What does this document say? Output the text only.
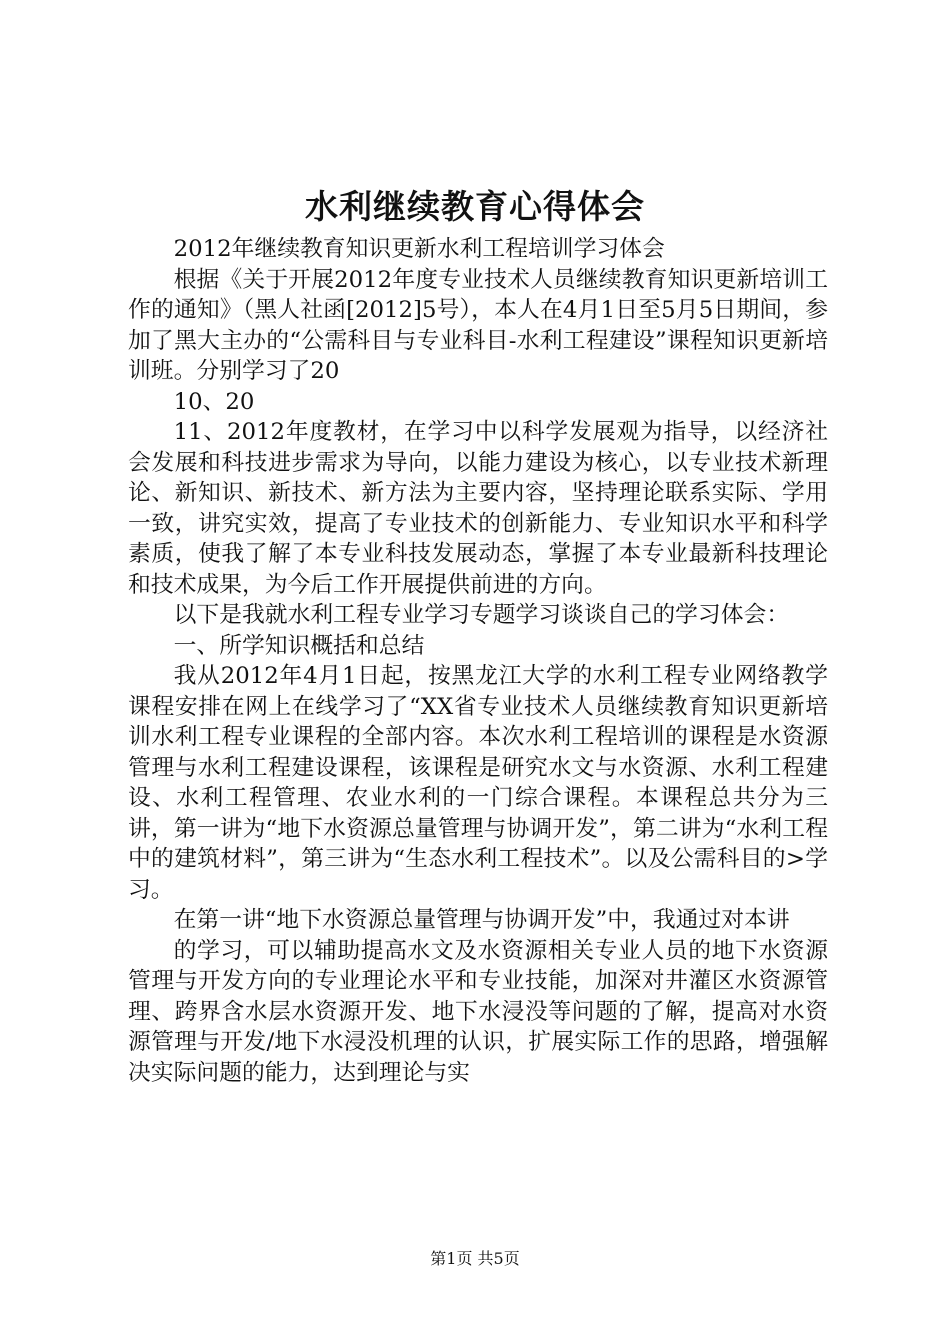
水利继续教育心得体会

2012年继续教育知识更新水利工程培训学习体会

根据《关于开展2012年度专业技术人员继续教育知识更新培训工作的通知》（黑人社函[2012]5号），本人在4月1日至5月5日期间，参加了黑大主办的“公需科目与专业科目-水利工程建设”课程知识更新培训班。分别学习了20

10、20

11、2012年度教材，在学习中以科学发展观为指导，以经济社会发展和科技进步需求为导向，以能力建设为核心，以专业技术新理论、新知识、新技术、新方法为主要内容，坚持理论联系实际、学用一致，讲究实效，提高了专业技术的创新能力、专业知识水平和科学素质，使我了解了本专业科技发展动态，掌握了本专业最新科技理论和技术成果，为今后工作开展提供前进的方向。

以下是我就水利工程专业学习专题学习谈谈自己的学习体会：

一、所学知识概括和总结

我从2012年4月1日起，按黑龙江大学的水利工程专业网络教学课程安排在网上在线学习了“XX省专业技术人员继续教育知识更新培训水利工程专业课程的全部内容。本次水利工程培训的课程是水资源管理与水利工程建设课程，该课程是研究水文与水资源、水利工程建设、水利工程管理、农业水利的一门综合课程。本课程总共分为三讲，第一讲为“地下水资源总量管理与协调开发”，第二讲为“水利工程中的建筑材料”，第三讲为“生态水利工程技术”。以及公需科目的>学习。

在第一讲“地下水资源总量管理与协调开发”中，我通过对本讲

的学习，可以辅助提高水文及水资源相关专业人员的地下水资源管理与开发方向的专业理论水平和专业技能，加深对井灌区水资源管理、跨界含水层水资源开发、地下水浸没等问题的了解，提高对水资源管理与开发/地下水浸没机理的认识，扩展实际工作的思路，增强解决实际问题的能力，达到理论与实

第1页 共5页
